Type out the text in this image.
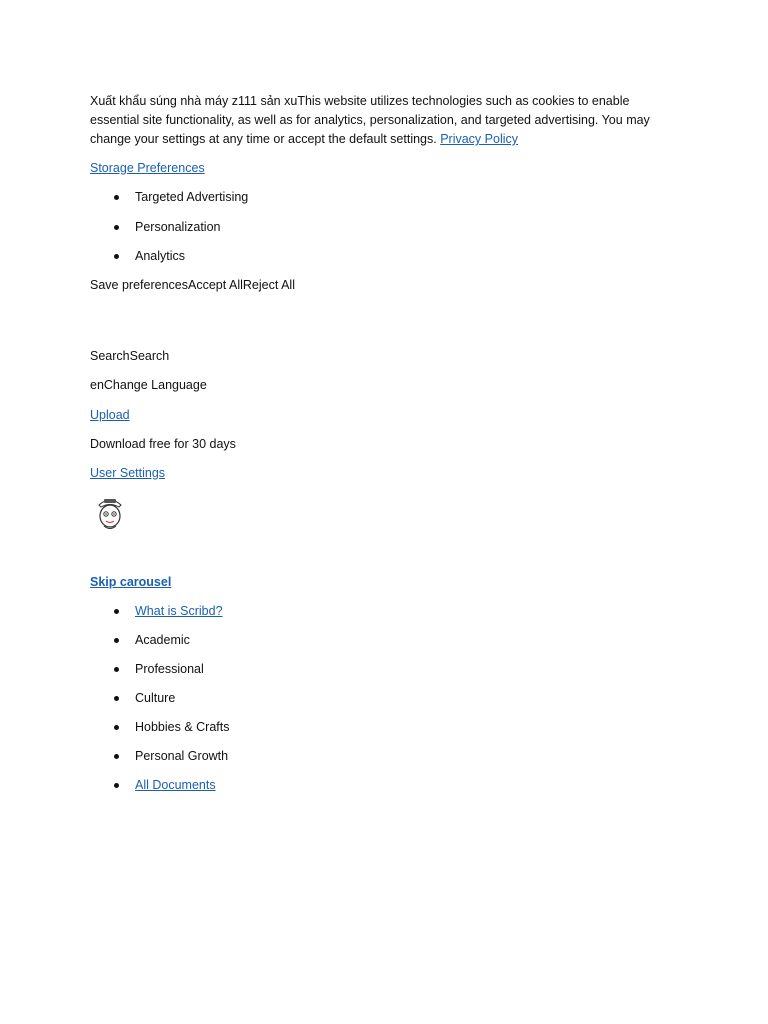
Xuất khẩu súng nhà máy z111 sản xuThis website utilizes technologies such as cookies to enable essential site functionality, as well as for analytics, personalization, and targeted advertising. You may change your settings at any time or accept the default settings. Privacy Policy

Storage Preferences
Targeted Advertising
Personalization
Analytics
Save preferencesAccept AllReject All
SearchSearch
enChange Language
Upload
Download free for 30 days
User Settings
Skip carousel
What is Scribd?
Academic
Professional
Culture
Hobbies & Crafts
Personal Growth
All Documents
